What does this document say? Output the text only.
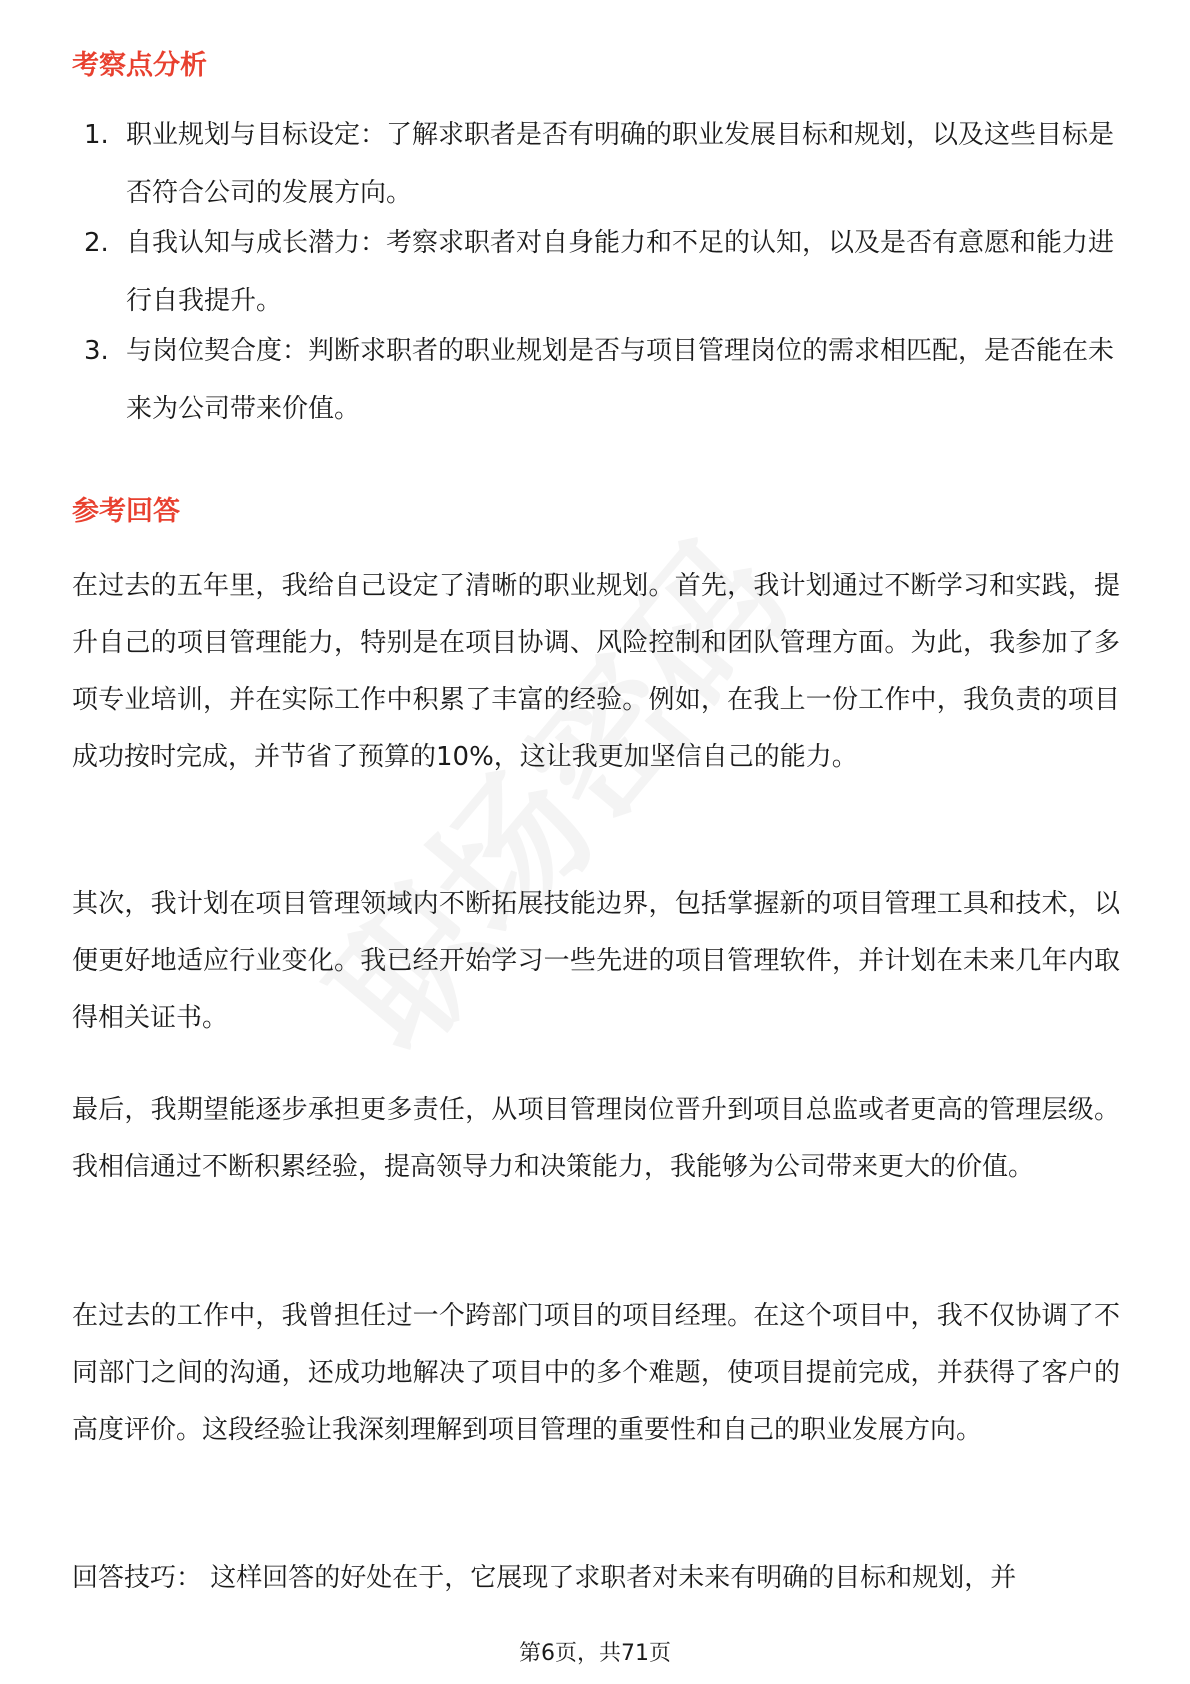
考察点分析
1. 职业规划与目标设定：了解求职者是否有明确的职业发展目标和规划，以及这些目标是否符合公司的发展方向。
2. 自我认知与成长潜力：考察求职者对自身能力和不足的认知，以及是否有意愿和能力进行自我提升。
3. 与岗位契合度：判断求职者的职业规划是否与项目管理岗位的需求相匹配，是否能在未来为公司带来价值。
参考回答

在过去的五年里，我给自己设定了清晰的职业规划。首先，我计划通过不断学习和实践，提升自己的项目管理能力，特别是在项目协调、风险控制和团队管理方面。为此，我参加了多项专业培训，并在实际工作中积累了丰富的经验。例如，在我上一份工作中，我负责的项目成功按时完成，并节省了预算的10%，这让我更加坚信自己的能力。

其次，我计划在项目管理领域内不断拓展技能边界，包括掌握新的项目管理工具和技术，以便更好地适应行业变化。我已经开始学习一些先进的项目管理软件，并计划在未来几年内取得相关证书。

最后，我期望能逐步承担更多责任，从项目管理岗位晋升到项目总监或者更高的管理层级。我相信通过不断积累经验，提高领导力和决策能力，我能够为公司带来更大的价值。

在过去的工作中，我曾担任过一个跨部门项目的项目经理。在这个项目中，我不仅协调了不同部门之间的沟通，还成功地解决了项目中的多个难题，使项目提前完成，并获得了客户的高度评价。这段经验让我深刻理解到项目管理的重要性和自己的职业发展方向。

回答技巧： 这样回答的好处在于，它展现了求职者对未来有明确的目标和规划，并

第6页，共71页
